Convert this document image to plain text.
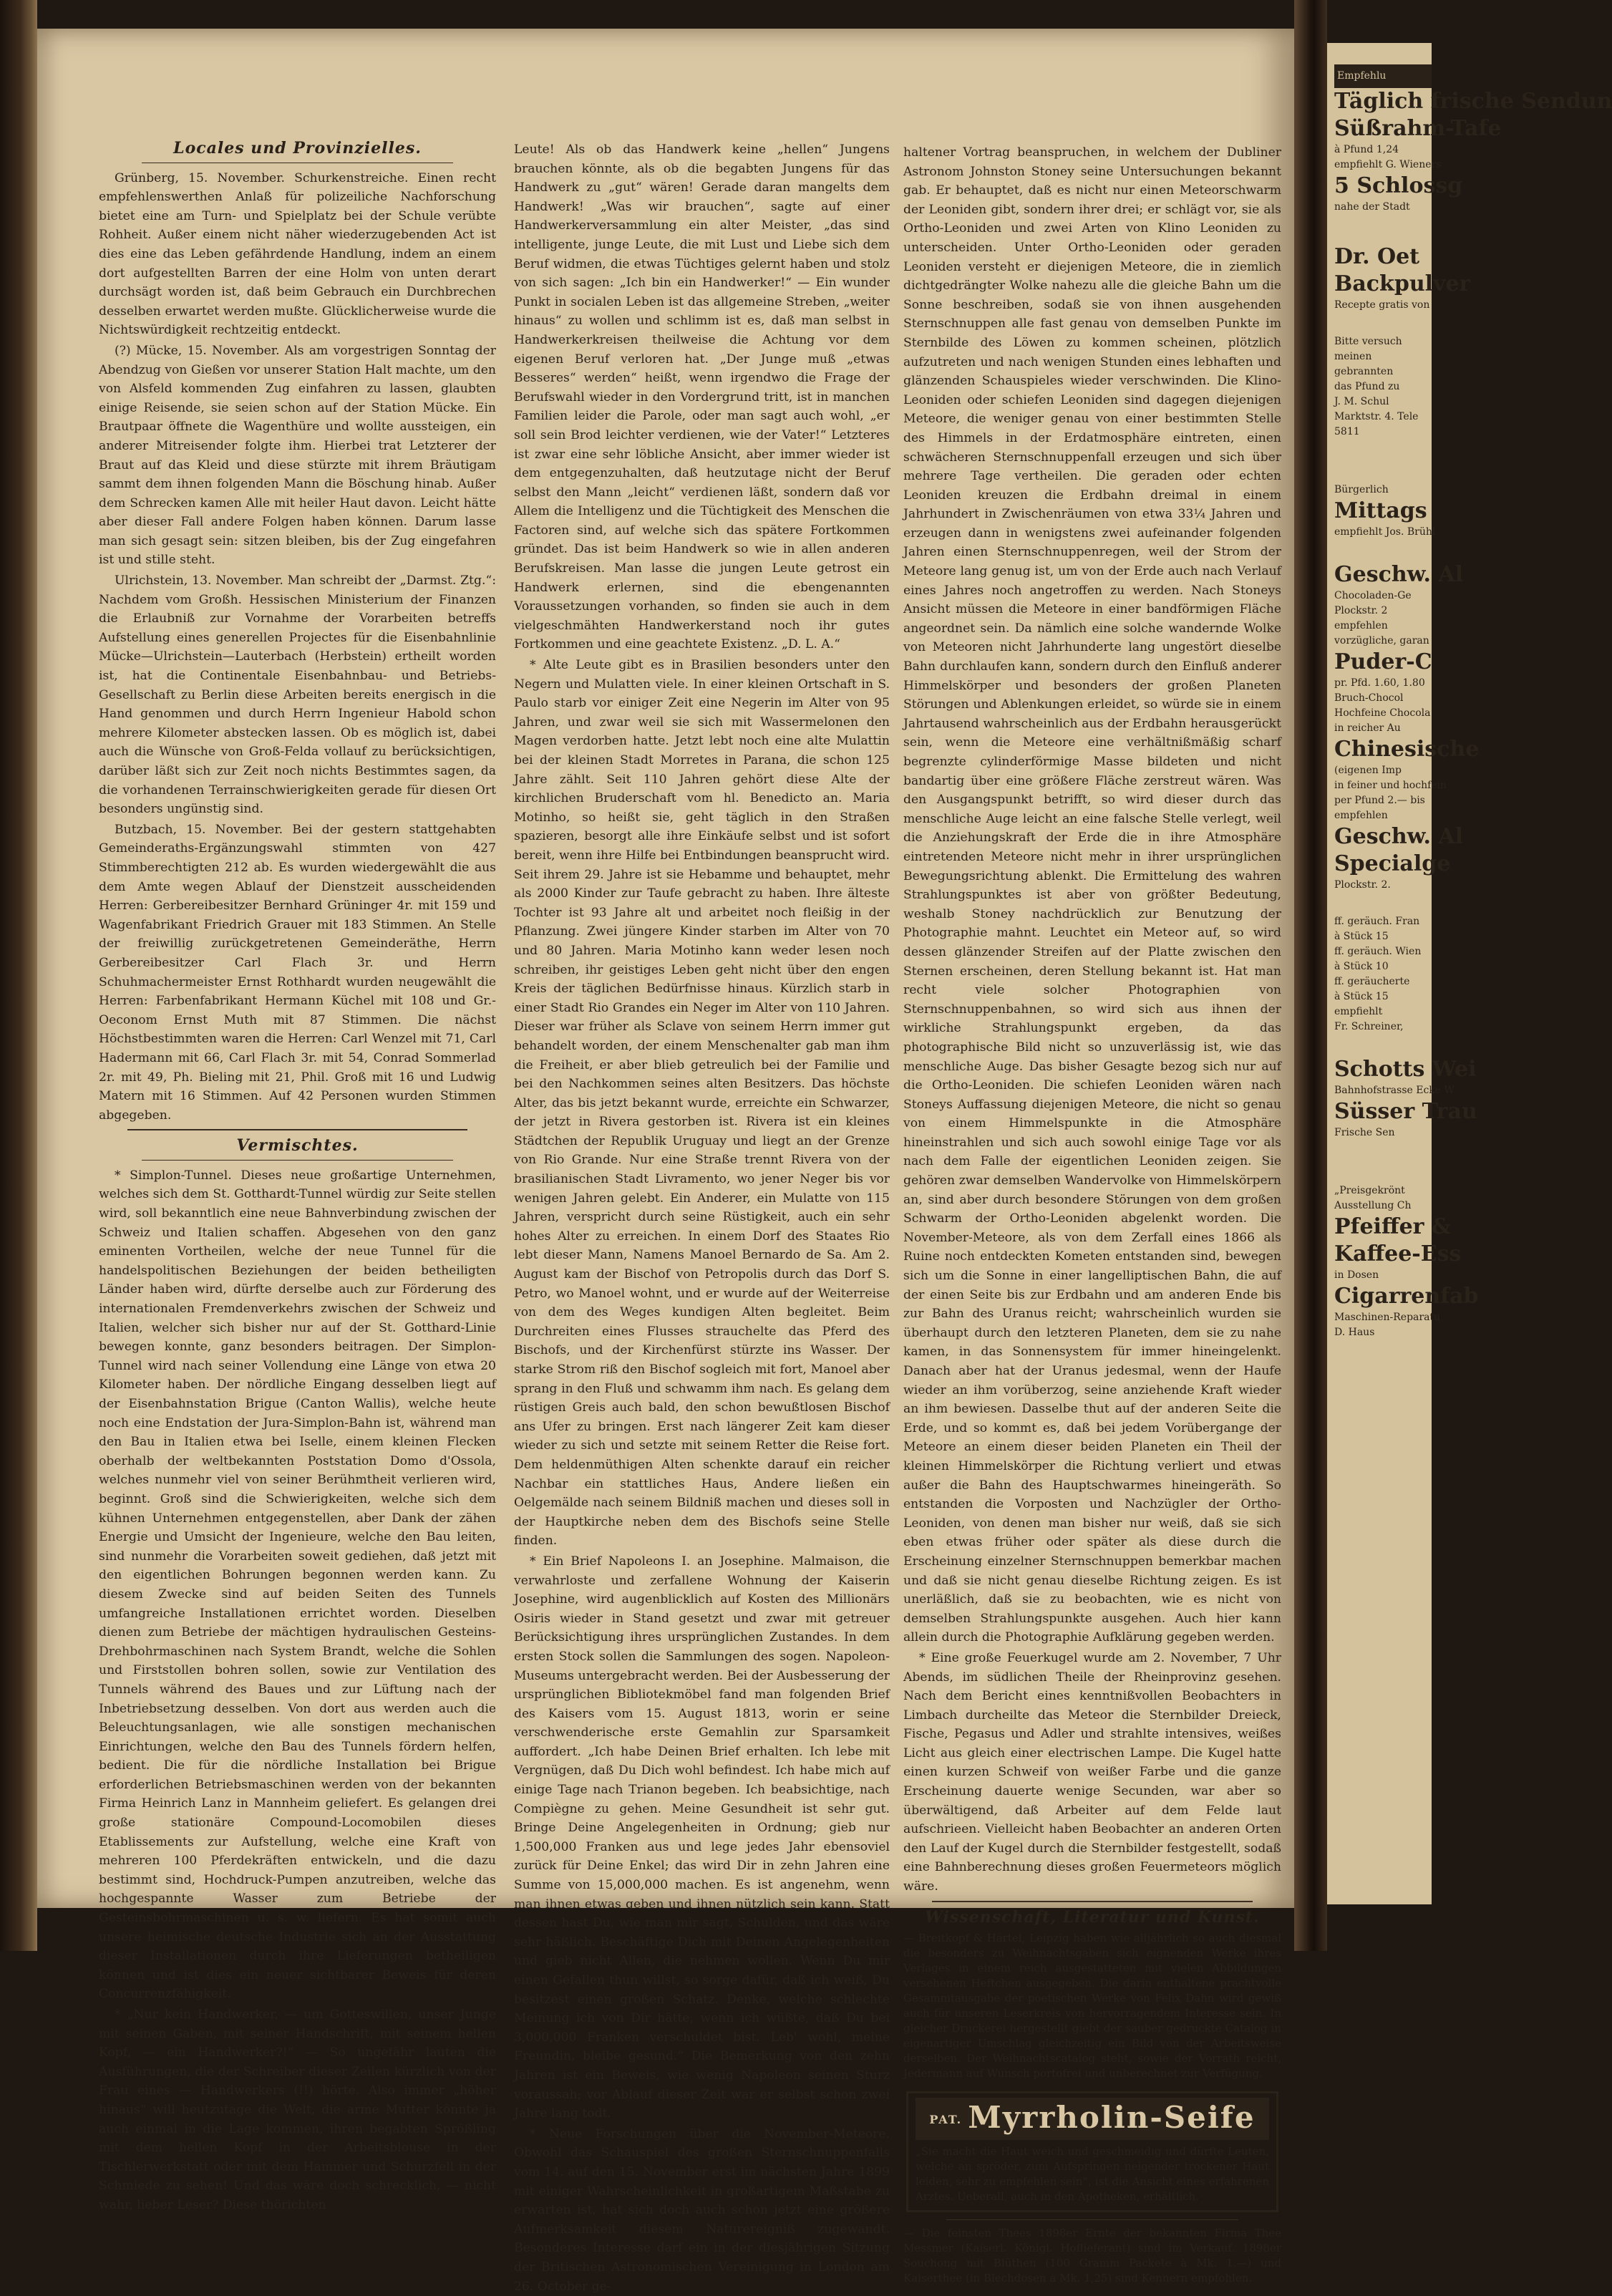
Locales und Provinzielles.

Grünberg, 15. November. Schurkenstreiche. Einen recht empfehlenswerthen Anlaß für polizeiliche Nachforschung bietet eine am Turn- und Spielplatz bei der Schule verübte Rohheit. Außer einem nicht näher wiederzugebenden Act ist dies eine das Leben gefährdende Handlung, indem an einem dort aufgestellten Barren der eine Holm von unten derart durchsägt worden ist, daß beim Gebrauch ein Durchbrechen desselben erwartet werden mußte. Glücklicherweise wurde die Nichtswürdigkeit rechtzeitig entdeckt.

(?) Mücke, 15. November. Als am vorgestrigen Sonntag der Abendzug von Gießen vor unserer Station Halt machte, um den von Alsfeld kommenden Zug einfahren zu lassen, glaubten einige Reisende, sie seien schon auf der Station Mücke. Ein Brautpaar öffnete die Wagenthüre und wollte aussteigen, ein anderer Mitreisender folgte ihm. Hierbei trat Letzterer der Braut auf das Kleid und diese stürzte mit ihrem Bräutigam sammt dem ihnen folgenden Mann die Böschung hinab. Außer dem Schrecken kamen Alle mit heiler Haut davon. Leicht hätte aber dieser Fall andere Folgen haben können. Darum lasse man sich gesagt sein: sitzen bleiben, bis der Zug eingefahren ist und stille steht.

Ulrichstein, 13. November. Man schreibt der „Darmst. Ztg.“: Nachdem vom Großh. Hessischen Ministerium der Finanzen die Erlaubniß zur Vornahme der Vorarbeiten betreffs Aufstellung eines generellen Projectes für die Eisenbahnlinie Mücke—Ulrichstein—Lauterbach (Herbstein) ertheilt worden ist, hat die Continentale Eisenbahnbau- und Betriebs-Gesellschaft zu Berlin diese Arbeiten bereits energisch in die Hand genommen und durch Herrn Ingenieur Habold schon mehrere Kilometer abstecken lassen. Ob es möglich ist, dabei auch die Wünsche von Groß-Felda vollauf zu berücksichtigen, darüber läßt sich zur Zeit noch nichts Bestimmtes sagen, da die vorhandenen Terrainschwierigkeiten gerade für diesen Ort besonders ungünstig sind.

Butzbach, 15. November. Bei der gestern stattgehabten Gemeinderaths-Ergänzungswahl stimmten von 427 Stimmberechtigten 212 ab. Es wurden wiedergewählt die aus dem Amte wegen Ablauf der Dienstzeit ausscheidenden Herren: Gerbereibesitzer Bernhard Grüninger 4r. mit 159 und Wagenfabrikant Friedrich Grauer mit 183 Stimmen. An Stelle der freiwillig zurückgetretenen Gemeinderäthe, Herrn Gerbereibesitzer Carl Flach 3r. und Herrn Schuhmachermeister Ernst Rothhardt wurden neugewählt die Herren: Farbenfabrikant Hermann Küchel mit 108 und Gr.-Oeconom Ernst Muth mit 87 Stimmen. Die nächst Höchstbestimmten waren die Herren: Carl Wenzel mit 71, Carl Hadermann mit 66, Carl Flach 3r. mit 54, Conrad Sommerlad 2r. mit 49, Ph. Bieling mit 21, Phil. Groß mit 16 und Ludwig Matern mit 16 Stimmen. Auf 42 Personen wurden Stimmen abgegeben.

Vermischtes.

* Simplon-Tunnel. Dieses neue großartige Unternehmen, welches sich dem St. Gotthardt-Tunnel würdig zur Seite stellen wird, soll bekanntlich eine neue Bahnverbindung zwischen der Schweiz und Italien schaffen. Abgesehen von den ganz eminenten Vortheilen, welche der neue Tunnel für die handelspolitischen Beziehungen der beiden betheiligten Länder haben wird, dürfte derselbe auch zur Förderung des internationalen Fremdenverkehrs zwischen der Schweiz und Italien, welcher sich bisher nur auf der St. Gotthard-Linie bewegen konnte, ganz besonders beitragen. Der Simplon-Tunnel wird nach seiner Vollendung eine Länge von etwa 20 Kilometer haben. Der nördliche Eingang desselben liegt auf der Eisenbahnstation Brigue (Canton Wallis), welche heute noch eine Endstation der Jura-Simplon-Bahn ist, während man den Bau in Italien etwa bei Iselle, einem kleinen Flecken oberhalb der weltbekannten Poststation Domo d'Ossola, welches nunmehr viel von seiner Berühmtheit verlieren wird, beginnt. Groß sind die Schwierigkeiten, welche sich dem kühnen Unternehmen entgegenstellen, aber Dank der zähen Energie und Umsicht der Ingenieure, welche den Bau leiten, sind nunmehr die Vorarbeiten soweit gediehen, daß jetzt mit den eigentlichen Bohrungen begonnen werden kann. Zu diesem Zwecke sind auf beiden Seiten des Tunnels umfangreiche Installationen errichtet worden. Dieselben dienen zum Betriebe der mächtigen hydraulischen Gesteins-Drehbohrmaschinen nach System Brandt, welche die Sohlen und Firststollen bohren sollen, sowie zur Ventilation des Tunnels während des Baues und zur Lüftung nach der Inbetriebsetzung desselben. Von dort aus werden auch die Beleuchtungsanlagen, wie alle sonstigen mechanischen Einrichtungen, welche den Bau des Tunnels fördern helfen, bedient. Die für die nördliche Installation bei Brigue erforderlichen Betriebsmaschinen werden von der bekannten Firma Heinrich Lanz in Mannheim geliefert. Es gelangen drei große stationäre Compound-Locomobilen dieses Etablissements zur Aufstellung, welche eine Kraft von mehreren 100 Pferdekräften entwickeln, und die dazu bestimmt sind, Hochdruck-Pumpen anzutreiben, welche das hochgespannte Wasser zum Betriebe der Gesteinsbohrmaschinen u. s. w. liefern. Es hat somit auch unsere heimische deutsche Industrie sich an der Ausstattung dieser Installationen durch ihre Lieferungen betheiligen können und ist dies ein neuer sichtbarer Beweis für deren Concurrenzfähigkeit.

* „Nur kein Handwerker, — um Gotteswillen, unser Junge mit seinen Gaben, mit seiner Handschrift, mit seinem hellen Kopf, — ein Handwerker?!“ — So ungefähr lauten die Ausführungen, die der Schreiber dieser Zeilen kürzlich von der Frau eines — Handwerkers (!!) hörte. Also immer „höher hinaus“ will heutzutage die Welt, die arme Mutter könnte ja auch einmal in die Lage kommen, ihren begabten Sprößling mit dem hellen Kopf in der Arbeitsblouse in der Tischlerwerkstatt oder mit dem Hammer und Schurzfell in der Schmiede zu sehen! Und das wäre doch schrecklich, — nicht wahr, lieber Leser? Diese thörichten

Leute! Als ob das Handwerk keine „hellen“ Jungens brauchen könnte, als ob die begabten Jungens für das Handwerk zu „gut“ wären! Gerade daran mangelts dem Handwerk! „Was wir brauchen“, sagte auf einer Handwerkerversammlung ein alter Meister, „das sind intelligente, junge Leute, die mit Lust und Liebe sich dem Beruf widmen, die etwas Tüchtiges gelernt haben und stolz von sich sagen: „Ich bin ein Handwerker!“ — Ein wunder Punkt in socialen Leben ist das allgemeine Streben, „weiter hinaus“ zu wollen und schlimm ist es, daß man selbst in Handwerkerkreisen theilweise die Achtung vor dem eigenen Beruf verloren hat. „Der Junge muß „etwas Besseres“ werden“ heißt, wenn irgendwo die Frage der Berufswahl wieder in den Vordergrund tritt, ist in manchen Familien leider die Parole, oder man sagt auch wohl, „er soll sein Brod leichter verdienen, wie der Vater!“ Letzteres ist zwar eine sehr löbliche Ansicht, aber immer wieder ist dem entgegenzuhalten, daß heutzutage nicht der Beruf selbst den Mann „leicht“ verdienen läßt, sondern daß vor Allem die Intelligenz und die Tüchtigkeit des Menschen die Factoren sind, auf welche sich das spätere Fortkommen gründet. Das ist beim Handwerk so wie in allen anderen Berufskreisen. Man lasse die jungen Leute getrost ein Handwerk erlernen, sind die ebengenannten Voraussetzungen vorhanden, so finden sie auch in dem vielgeschmähten Handwerkerstand noch ihr gutes Fortkommen und eine geachtete Existenz. „D. L. A.“

* Alte Leute gibt es in Brasilien besonders unter den Negern und Mulatten viele. In einer kleinen Ortschaft in S. Paulo starb vor einiger Zeit eine Negerin im Alter von 95 Jahren, und zwar weil sie sich mit Wassermelonen den Magen verdorben hatte. Jetzt lebt noch eine alte Mulattin bei der kleinen Stadt Morretes in Parana, die schon 125 Jahre zählt. Seit 110 Jahren gehört diese Alte der kirchlichen Bruderschaft vom hl. Benedicto an. Maria Motinho, so heißt sie, geht täglich in den Straßen spazieren, besorgt alle ihre Einkäufe selbst und ist sofort bereit, wenn ihre Hilfe bei Entbindungen beansprucht wird. Seit ihrem 29. Jahre ist sie Hebamme und behauptet, mehr als 2000 Kinder zur Taufe gebracht zu haben. Ihre älteste Tochter ist 93 Jahre alt und arbeitet noch fleißig in der Pflanzung. Zwei jüngere Kinder starben im Alter von 70 und 80 Jahren. Maria Motinho kann weder lesen noch schreiben, ihr geistiges Leben geht nicht über den engen Kreis der täglichen Bedürfnisse hinaus. Kürzlich starb in einer Stadt Rio Grandes ein Neger im Alter von 110 Jahren. Dieser war früher als Sclave von seinem Herrn immer gut behandelt worden, der einem Menschenalter gab man ihm die Freiheit, er aber blieb getreulich bei der Familie und bei den Nachkommen seines alten Besitzers. Das höchste Alter, das bis jetzt bekannt wurde, erreichte ein Schwarzer, der jetzt in Rivera gestorben ist. Rivera ist ein kleines Städtchen der Republik Uruguay und liegt an der Grenze von Rio Grande. Nur eine Straße trennt Rivera von der brasilianischen Stadt Livramento, wo jener Neger bis vor wenigen Jahren gelebt. Ein Anderer, ein Mulatte von 115 Jahren, verspricht durch seine Rüstigkeit, auch ein sehr hohes Alter zu erreichen. In einem Dorf des Staates Rio lebt dieser Mann, Namens Manoel Bernardo de Sa. Am 2. August kam der Bischof von Petropolis durch das Dorf S. Petro, wo Manoel wohnt, und er wurde auf der Weiterreise von dem des Weges kundigen Alten begleitet. Beim Durchreiten eines Flusses strauchelte das Pferd des Bischofs, und der Kirchenfürst stürzte ins Wasser. Der starke Strom riß den Bischof sogleich mit fort, Manoel aber sprang in den Fluß und schwamm ihm nach. Es gelang dem rüstigen Greis auch bald, den schon bewußtlosen Bischof ans Ufer zu bringen. Erst nach längerer Zeit kam dieser wieder zu sich und setzte mit seinem Retter die Reise fort. Dem heldenmüthigen Alten schenkte darauf ein reicher Nachbar ein stattliches Haus, Andere ließen ein Oelgemälde nach seinem Bildniß machen und dieses soll in der Hauptkirche neben dem des Bischofs seine Stelle finden.

* Ein Brief Napoleons I. an Josephine. Malmaison, die verwahrloste und zerfallene Wohnung der Kaiserin Josephine, wird augenblicklich auf Kosten des Millionärs Osiris wieder in Stand gesetzt und zwar mit getreuer Berücksichtigung ihres ursprünglichen Zustandes. In dem ersten Stock sollen die Sammlungen des sogen. Napoleon-Museums untergebracht werden. Bei der Ausbesserung der ursprünglichen Bibliotekmöbel fand man folgenden Brief des Kaisers vom 15. August 1813, worin er seine verschwenderische erste Gemahlin zur Sparsamkeit auffordert. „Ich habe Deinen Brief erhalten. Ich lebe mit Vergnügen, daß Du Dich wohl befindest. Ich habe mich auf einige Tage nach Trianon begeben. Ich beabsichtige, nach Compiègne zu gehen. Meine Gesundheit ist sehr gut. Bringe Deine Angelegenheiten in Ordnung; gieb nur 1,500,000 Franken aus und lege jedes Jahr ebensoviel zurück für Deine Enkel; das wird Dir in zehn Jahren eine Summe von 15,000,000 machen. Es ist angenehm, wenn man ihnen etwas geben und ihnen nützlich sein kann. Statt dessen hast Du, wie man mir sagt, Schulden, und das wäre sehr häßlich. Beschäftige Dich mit Deinen Angelegenheiten und gieb nicht Allen, die nehmen wollen. Wenn Du mir einen Gefallen thun willst, so sorge dafür, daß ich weiß, Du besitzest einen großen Schatz. Denke, welche schlechte Meinung ich von Dir hätte, wenn ich wüßte, daß Du bei 3,000,000 Franken verschuldet bist. Leb' wohl, meine Freundin, bleibe gesund.“ Die Bemerkung von den zehn Jahren ist ein Beweis, wie wenig Napoleon seinen Sturz voraussah; vor Ablauf dieser Zeit war er selbst schon zwei Jahre lang todt.

* Neue Forschungen über die November-Meteore. Obwohl das Schauspiel des großen Sternschnuppenfalls vom 14. auf den 15. November erst im nächsten Jahre 1899 mit einiger Wahrscheinlichkeit in großartigem Maßstabe zu erwarten ist, hat sich doch auch schon jetzt eine größere Aufmerksamkeit diesem Naturereigniß zugewandt. Besonderes Interesse darf ein in der diesjährigen Sitzung der Britischen Astronomischen Vereinigung in London am 26. October ge-

haltener Vortrag beanspruchen, in welchem der Dubliner Astronom Johnston Stoney seine Untersuchungen bekannt gab. Er behauptet, daß es nicht nur einen Meteorschwarm der Leoniden gibt, sondern ihrer drei; er schlägt vor, sie als Ortho-Leoniden und zwei Arten von Klino Leoniden zu unterscheiden. Unter Ortho-Leoniden oder geraden Leoniden versteht er diejenigen Meteore, die in ziemlich dichtgedrängter Wolke nahezu alle die gleiche Bahn um die Sonne beschreiben, sodaß sie von ihnen ausgehenden Sternschnuppen alle fast genau von demselben Punkte im Sternbilde des Löwen zu kommen scheinen, plötzlich aufzutreten und nach wenigen Stunden eines lebhaften und glänzenden Schauspieles wieder verschwinden. Die Klino-Leoniden oder schiefen Leoniden sind dagegen diejenigen Meteore, die weniger genau von einer bestimmten Stelle des Himmels in der Erdatmosphäre eintreten, einen schwächeren Sternschnuppenfall erzeugen und sich über mehrere Tage vertheilen. Die geraden oder echten Leoniden kreuzen die Erdbahn dreimal in einem Jahrhundert in Zwischenräumen von etwa 33¼ Jahren und erzeugen dann in wenigstens zwei aufeinander folgenden Jahren einen Sternschnuppenregen, weil der Strom der Meteore lang genug ist, um von der Erde auch nach Verlauf eines Jahres noch angetroffen zu werden. Nach Stoneys Ansicht müssen die Meteore in einer bandförmigen Fläche angeordnet sein. Da nämlich eine solche wandernde Wolke von Meteoren nicht Jahrhunderte lang ungestört dieselbe Bahn durchlaufen kann, sondern durch den Einfluß anderer Himmelskörper und besonders der großen Planeten Störungen und Ablenkungen erleidet, so würde sie in einem Jahrtausend wahrscheinlich aus der Erdbahn herausgerückt sein, wenn die Meteore eine verhältnißmäßig scharf begrenzte cylinderförmige Masse bildeten und nicht bandartig über eine größere Fläche zerstreut wären. Was den Ausgangspunkt betrifft, so wird dieser durch das menschliche Auge leicht an eine falsche Stelle verlegt, weil die Anziehungskraft der Erde die in ihre Atmosphäre eintretenden Meteore nicht mehr in ihrer ursprünglichen Bewegungsrichtung ablenkt. Die Ermittelung des wahren Strahlungspunktes ist aber von größter Bedeutung, weshalb Stoney nachdrücklich zur Benutzung der Photographie mahnt. Leuchtet ein Meteor auf, so wird dessen glänzender Streifen auf der Platte zwischen den Sternen erscheinen, deren Stellung bekannt ist. Hat man recht viele solcher Photographien von Sternschnuppenbahnen, so wird sich aus ihnen der wirkliche Strahlungspunkt ergeben, da das photographische Bild nicht so unzuverlässig ist, wie das menschliche Auge. Das bisher Gesagte bezog sich nur auf die Ortho-Leoniden. Die schiefen Leoniden wären nach Stoneys Auffassung diejenigen Meteore, die nicht so genau von einem Himmelspunkte in die Atmosphäre hineinstrahlen und sich auch sowohl einige Tage vor als nach dem Falle der eigentlichen Leoniden zeigen. Sie gehören zwar demselben Wandervolke von Himmelskörpern an, sind aber durch besondere Störungen von dem großen Schwarm der Ortho-Leoniden abgelenkt worden. Die November-Meteore, als von dem Zerfall eines 1866 als Ruine noch entdeckten Kometen entstanden sind, bewegen sich um die Sonne in einer langelliptischen Bahn, die auf der einen Seite bis zur Erdbahn und am anderen Ende bis zur Bahn des Uranus reicht; wahrscheinlich wurden sie überhaupt durch den letzteren Planeten, dem sie zu nahe kamen, in das Sonnensystem für immer hineingelenkt. Danach aber hat der Uranus jedesmal, wenn der Haufe wieder an ihm vorüberzog, seine anziehende Kraft wieder an ihm bewiesen. Dasselbe thut auf der anderen Seite die Erde, und so kommt es, daß bei jedem Vorübergange der Meteore an einem dieser beiden Planeten ein Theil der kleinen Himmelskörper die Richtung verliert und etwas außer die Bahn des Hauptschwarmes hineingeräth. So entstanden die Vorposten und Nachzügler der Ortho-Leoniden, von denen man bisher nur weiß, daß sie sich eben etwas früher oder später als diese durch die Erscheinung einzelner Sternschnuppen bemerkbar machen und daß sie nicht genau dieselbe Richtung zeigen. Es ist unerläßlich, daß sie zu beobachten, wie es nicht von demselben Strahlungspunkte ausgehen. Auch hier kann allein durch die Photographie Aufklärung gegeben werden.

* Eine große Feuerkugel wurde am 2. November, 7 Uhr Abends, im südlichen Theile der Rheinprovinz gesehen. Nach dem Bericht eines kenntnißvollen Beobachters in Limbach durcheilte das Meteor die Sternbilder Dreieck, Fische, Pegasus und Adler und strahlte intensives, weißes Licht aus gleich einer electrischen Lampe. Die Kugel hatte einen kurzen Schweif von weißer Farbe und die ganze Erscheinung dauerte wenige Secunden, war aber so überwältigend, daß Arbeiter auf dem Felde laut aufschrieen. Vielleicht haben Beobachter an anderen Orten den Lauf der Kugel durch die Sternbilder festgestellt, sodaß eine Bahnberechnung dieses großen Feuermeteors möglich wäre.

Wissenschaft, Literatur und Kunst.
— Breitkopf & Härtel, Leipzig haben wie alljährlich so auch diesmal die besonders zu Weihnachtsgaben sich eignenden Werke ihres Verlages in einem reich ausgestatteten mit vielen Abbildungen versehenen Heftchen ausgegeben. Die darin enthaltene prachtvolle Gesammtausgabe der poetischen Werke von Felix Dahn wird gewiß auch für unseren Leserkreis von hervorragendem Interesse sein. In gleicher Druckerei hergestellt giebt der sauber gedruckte Catalog in eigenartiger Umschlag gleichzeitig ein Bild von der Arbeitsweise derselben. Der Weihnachtscatalog steht, sowie der Vorrath reicht, Jedermann auf Wunsch portofrei und unberechnet zur Verfügung.
PAT. Myrrholin-Seife
„Sie macht die Haut weich und geschmeidig und dürfte Leuten, welche an spröder, zum Aufspringen neigender trockener Haut leiden, sehr zu empfehlen sein“, ist die Ansicht eines erfahrenen Arztes. Ueberall, auch in den Apotheken, erhältlich.
— Die feinsten Thees 1898er Ernte der bekannten Firma Thee Messmer (Kaiserl. Königl. Hoflieferant) sind im Verkauf. 1898er Souchong mit Blüthen (100 Gramm Packete à Mk. 1.—) und Kaiserthee (in Blechdosen à Mk. 1,25) sind Kennern empfohlen.
Empfehlu
Täglich frische Sendun
Süßrahm-Tafe
à Pfund 1,24
empfiehlt G. Wieners
5 Schlossg
nahe der Stadt
Dr. Oet
Backpulver
Recepte gratis von
Bitte versuch
meinen
gebrannten
das Pfund zu
J. M. Schul
Marktstr. 4. Tele
5811
Bürgerlich
Mittags
empfiehlt Jos. Brühl
Geschw. Al
Chocoladen-Ge
Plockstr. 2
empfehlen
vorzügliche, garan
Puder-C
pr. Pfd. 1.60, 1.80
Bruch-Chocol
Hochfeine Chocola
in reicher Au
Chinesische
(eigenen Imp
in feiner und hochfein
per Pfund 2.— bis
empfehlen
Geschw. Al
Specialge
Plockstr. 2.
ff. geräuch. Fran
à Stück 15
ff. geräuch. Wien
à Stück 10
ff. geräucherte
à Stück 15
empfiehlt
Fr. Schreiner,
Schotts Wei
Bahnhofstrasse Ecke W
Süsser Trau
Frische Sen
„Preisgekrönt
Ausstellung Ch
Pfeiffer &
Kaffee-Ess
in Dosen
Cigarrenfab
Maschinen-Reparatu
D. Haus
